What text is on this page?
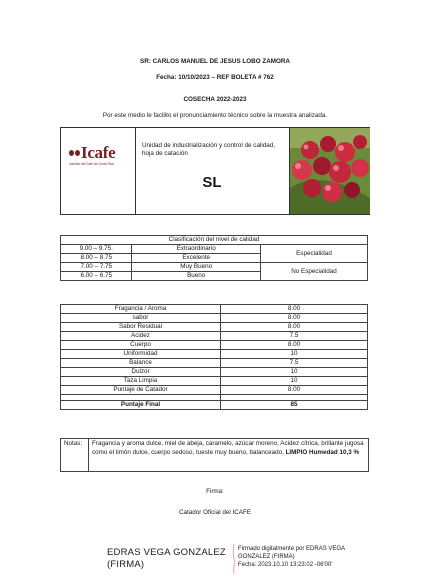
SR: CARLOS MANUEL DE JESUS LOBO ZAMORA
Fecha: 10/10/2023 – REF BOLETA # 762
COSECHA 2022-2023
Por este medio le facilito el pronunciamiento técnico sobre la muestra analizada.
Icafe
Instituto del Café de Costa Rica
Unidad de industrialización y control de calidad, hoja de catación
SL
Clasificación del nivel de calidad		
9.00 – 9.75.	Extraordinario	Especialidad
8.00 – 8.75	Excelente	
7.00 – 7.75	Muy Bueno	No Especialidad
6.00 – 6.75	Bueno	
Fragancia / Aroma	8.00
sabor	8.00
Sabor Residual	8.00
Acidez	7.5
Cuerpo	8.00
Uniformidad	10
Balance	7.5
Dulzor	10
Taza Limpia	10
Puntaje de Catador	8.00

Puntaje Final	85
Notas:	Fragancia y aroma dulce, miel de abeja, caramelo, azúcar moreno, Acidez cítrica, brillante jugosa como el limón dulce, cuerpo sedoso, tueste muy bueno, balanceado, LIMPIO Humedad 10,3 %
Firma:
Catador Oficial del ICAFE
EDRAS VEGA GONZALEZ
(FIRMA)
Firmado digitalmente por EDRAS VEGA
GONZALEZ (FIRMA)
Fecha: 2023.10.10 13:23:02 -06'00'
